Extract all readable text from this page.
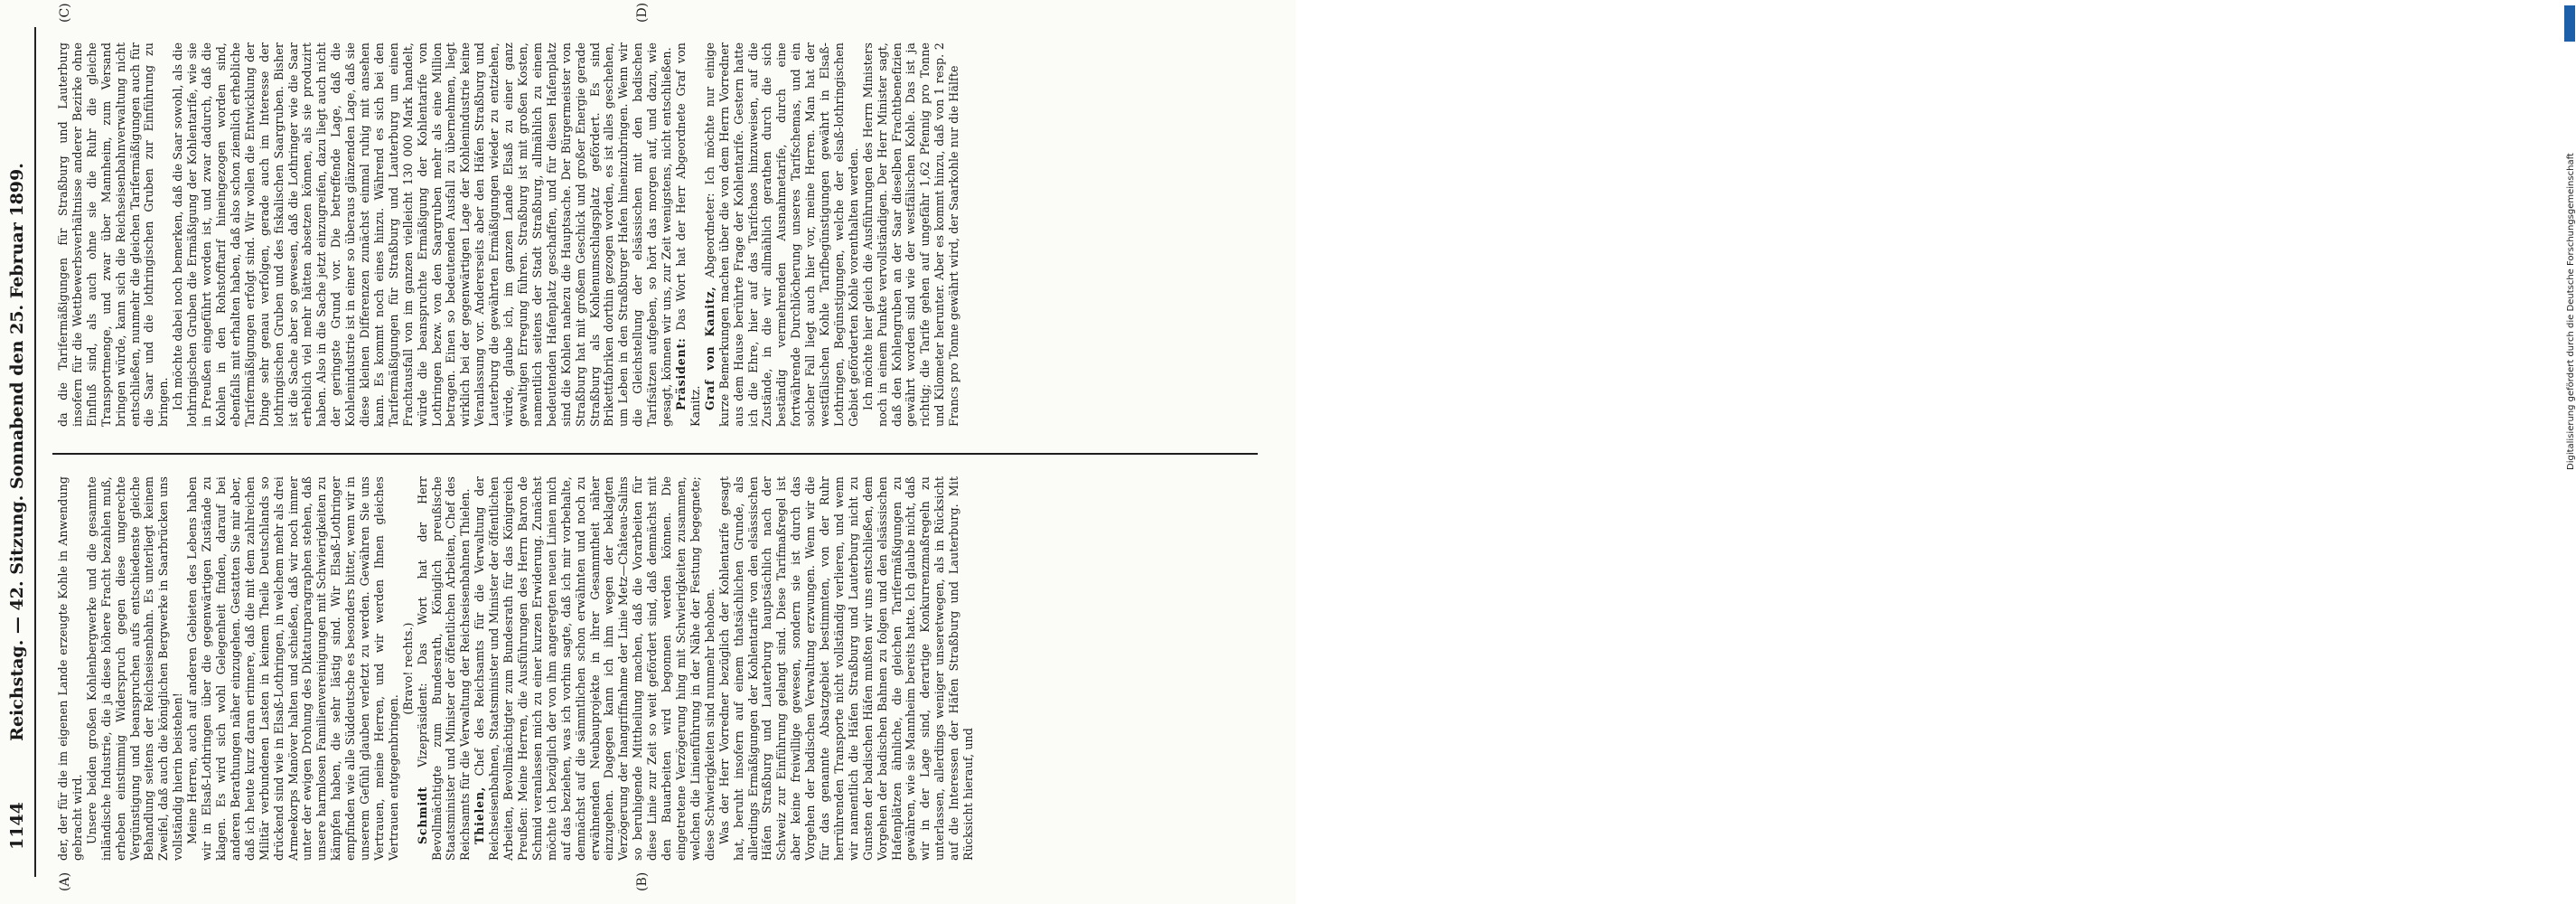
1144
Reichstag. — 42. Sitzung. Sonnabend den 25. Februar 1899.
(A)	(B)
(C)	(D)

der, der für die im eigenen Lande erzeugte Kohle in Anwendung gebracht wird. Unsere beiden großen Kohlenbergwerke und die gesammte inländische Industrie, die ja diese höhere Fracht bezahlen muß, erheben einstimmig Widerspruch gegen diese ungerechte Vergünstigung und beanspruchen aufs entschiedenste gleiche Behandlung seitens der Reichseisenbahn. Es unterliegt keinem Zweifel, daß auch die königlichen Bergwerke in Saarbrücken uns vollständig hierin beistehen! Meine Herren, auch auf anderen Gebieten des Lebens haben wir in Elsaß-Lothringen über die gegenwärtigen Zustände zu klagen. Es wird sich wohl Gelegenheit finden, darauf bei anderen Berathungen näher einzugehen. Gestatten Sie mir aber, daß ich heute kurz daran erinnere, daß die mit dem zahlreichen Militär verbundenen Lasten in keinem Theile Deutschlands so drückend sind wie in Elsaß-Lothringen, in welchem mehr als drei Armeekorps Manöver halten und schießen, daß wir noch immer unter der ewigen Drohung des Diktaturparagraphen stehen, daß unsere harmlosen Familienvereinigungen mit Schwierigkeiten zu kämpfen haben, die sehr lästig sind. Wir Elsaß-Lothringer empfinden wie alle Süddeutsche es besonders bitter, wenn wir in unserem Gefühl glauben verletzt zu werden. Gewähren Sie uns Vertrauen, meine Herren, und wir werden Ihnen gleiches Vertrauen entgegenbringen.

(Bravo! rechts.)

Schmidt Vizepräsident: Das Wort hat der Herr Bevollmächtigte zum Bundesrath, Königlich preußische Staatsminister und Minister der öffentlichen Arbeiten, Chef des Reichsamts für die Verwaltung der Reichseisenbahnen Thielen. Thielen, Chef des Reichsamts für die Verwaltung der Reichseisenbahnen, Staatsminister und Minister der öffentlichen Arbeiten, Bevollmächtigter zum Bundesrath für das Königreich Preußen: Meine Herren, die Ausführungen des Herrn Baron de Schmid veranlassen mich zu einer kurzen Erwiderung. Zunächst möchte ich bezüglich der von ihm angeregten neuen Linien mich auf das beziehen, was ich vorhin sagte, daß ich mir vorbehalte, demnächst auf die sämmtlichen schon erwähnten und noch zu erwähnenden Neubauprojekte in ihrer Gesammtheit näher einzugehen. Dagegen kann ich ihm wegen der beklagten Verzögerung der Inangriffnahme der Linie Metz—Château-Salins so beruhigende Mittheilung machen, daß die Vorarbeiten für diese Linie zur Zeit so weit gefördert sind, daß demnächst mit den Bauarbeiten wird begonnen werden können. Die eingetretene Verzögerung hing mit Schwierigkeiten zusammen, welchen die Linienführung in der Nähe der Festung begegnete; diese Schwierigkeiten sind nunmehr behoben. Was der Herr Vorredner bezüglich der Kohlentarife gesagt hat, beruht insofern auf einem thatsächlichen Grunde, als allerdings Ermäßigungen der Kohlentarife von den elsässischen Häfen Straßburg und Lauterburg hauptsächlich nach der Schweiz zur Einführung gelangt sind. Diese Tarifmaßregel ist aber keine freiwillige gewesen, sondern sie ist durch das Vorgehen der badischen Verwaltung erzwungen. Wenn wir die für das genannte Absatzgebiet bestimmten, von der Ruhr herrührenden Transporte nicht vollständig verlieren, und wenn wir namentlich die Häfen Straßburg und Lauterburg nicht zu Gunsten der badischen Häfen mußten wir uns entschließen, dem Vorgehen der badischen Bahnen zu folgen und den elsässischen Hafenplätzen ähnliche, die gleichen Tarifermäßigungen zu gewähren, wie sie Mannheim bereits hatte. Ich glaube nicht, daß wir in der Lage sind, derartige Konkurrenzmaßregeln zu unterlassen, allerdings weniger unseretwegen, als in Rücksicht auf die Interessen der Häfen Straßburg und Lauterburg. Mit Rücksicht hierauf, und

da die Tarifermäßigungen für Straßburg und Lauterburg insofern für die Wettbewerbsverhältnisse anderer Bezirke ohne Einfluß sind, als auch ohne sie die Ruhr die gleiche Transportmenge, und zwar über Mannheim, zum Versand bringen würde, kann sich die Reichseisenbahnverwaltung nicht entschließen, nunmehr die gleichen Tarifermäßigungen auch für die Saar und die lothringischen Gruben zur Einführung zu bringen. Ich möchte dabei noch bemerken, daß die Saar sowohl, als die lothringischen Gruben die Ermäßigung der Kohlentarife, wie sie in Preußen eingeführt worden ist, und zwar dadurch, daß die Kohlen in den Rohstofftarif hineingezogen worden sind, ebenfalls mit erhalten haben, daß also schon ziemlich erhebliche Tarifermäßigungen erfolgt sind. Wir wollen die Entwicklung der Dinge sehr genau verfolgen, gerade auch im Interesse der lothringischen Gruben und des fiskalischen Saargruben. Bisher ist die Sache aber so gewesen, daß die Lothringer wie die Saar erheblich viel mehr hätten absetzen können, als sie produzirt haben. Also in die Sache jetzt einzugreifen, dazu liegt auch nicht der geringste Grund vor. Die betreffende Lage, daß die Kohlenindustrie ist in einer so überaus glänzenden Lage, daß sie diese kleinen Differenzen zunächst einmal ruhig mit ansehen kann. Es kommt noch eines hinzu. Während es sich bei den Tarifermäßigungen für Straßburg und Lauterburg um einen Frachtausfall von im ganzen vielleicht 130 000 Mark handelt, würde die beanspruchte Ermäßigung der Kohlentarife von Lothringen bezw. von den Saargruben mehr als eine Million betragen. Einen so bedeutenden Ausfall zu übernehmen, liegt wirklich bei der gegenwärtigen Lage der Kohlenindustrie keine Veranlassung vor. Andererseits aber den Häfen Straßburg und Lauterburg die gewährten Ermäßigungen wieder zu entziehen, würde, glaube ich, im ganzen Lande Elsaß zu einer ganz gewaltigen Erregung führen. Straßburg ist mit großen Kosten, namentlich seitens der Stadt Straßburg, allmählich zu einem bedeutenden Hafenplatz geschaffen, und für diesen Hafenplatz sind die Kohlen nahezu die Hauptsache. Der Bürgermeister von Straßburg hat mit großem Geschick und großer Energie gerade Straßburg als Kohlenumschlagsplatz gefördert. Es sind Brikettfabriken dorthin gezogen worden, es ist alles geschehen, um Leben in den Straßburger Hafen hineinzubringen. Wenn wir die Gleichstellung der elsässischen mit den badischen Tarifsätzen aufgeben, so hört das morgen auf, und dazu, wie gesagt, können wir uns, zur Zeit wenigstens, nicht entschließen. Präsident: Das Wort hat der Herr Abgeordnete Graf von Kanitz. Graf von Kanitz, Abgeordneter: Ich möchte nur einige kurze Bemerkungen machen über die von dem Herrn Vorredner aus dem Hause berührte Frage der Kohlentarife. Gestern hatte ich die Ehre, hier auf das Tarifchaos hinzuweisen, auf die Zustände, in die wir allmählich gerathen durch die sich beständig vermehrenden Ausnahmetarife, durch eine fortwährende Durchlöcherung unseres Tarifschemas, und ein solcher Fall liegt auch hier vor, meine Herren. Man hat der westfälischen Kohle Tarifbegünstigungen gewährt in Elsaß-Lothringen, Begünstigungen, welche der elsaß-lothringischen Gebiet geförderten Kohle vorenthalten werden. Ich möchte hier gleich die Ausführungen des Herrn Ministers noch in einem Punkte vervollständigen. Der Herr Minister sagt, daß den Kohlengruben an der Saar dieselben Frachtbenefizien gewährt worden sind wie der westfälischen Kohle. Das ist ja richtig; die Tarife gehen auf ungefähr 1,62 Pfennig pro Tonne und Kilometer herunter. Aber es kommt hinzu, daß von 1 resp. 2 Francs pro Tonne gewährt wird, der Saarkohle nur die Hälfte

DFG
Digitalisierung gefördert durch die Deutsche Forschungsgemeinschaft
